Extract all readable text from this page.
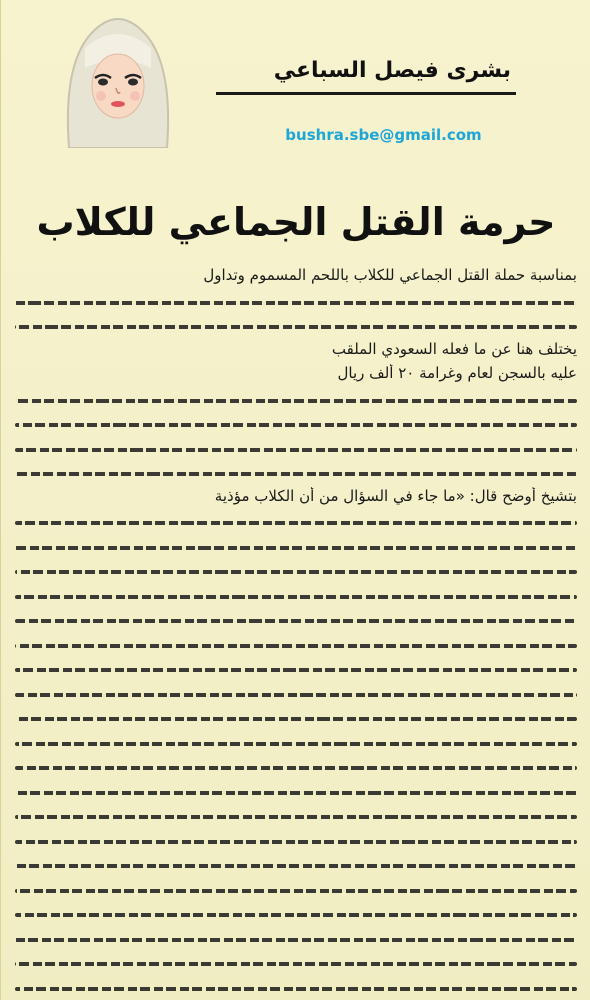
بشرى فيصل السباعي
bushra.sbe@gmail.com
حرمة القتل الجماعي للكلاب
بمناسبة حملة القتل الجماعي للكلاب باللحم المسموم وتداول
يختلف هنا عن ما فعله السعودي الملقب
عليه بالسجن لعام وغرامة ٢٠ ألف ريال
بتشيخ أوضح قال: «ما جاء في السؤال من أن الكلاب مؤذية
